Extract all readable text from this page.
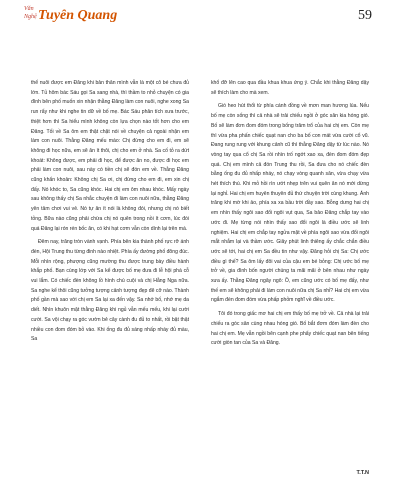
Văn
Nghệ Tuyên Quang	59

thể nuôi được em Đăng khi bản thân mình vẫn là một cô bé chưa đủ lớn. Tủ hôm bác Sáu gọi Sa sang nhà, thì thầm to nhỏ chuyện có gia đình bên phố muốn xin nhận thằng Đăng làm con nuôi, nghe xong Sa run rẩy như khi nghe tin dữ về bố mẹ. Bác Sáu phân tích xưa trước, thiệt hơn thì Sa hiểu mình không còn lựa chọn nào tốt hơn cho em Đăng. Tối về Sa ôm em thật chặt nói về chuyện cả ngoài nhận em làm con nuôi. Thằng Đăng mếu máo: Chị đừng cho em đi, em sẽ không đi học nữa, em sẽ ăn ít thôi, chị cho em ở nhà. Sa cố tỏ ra dứt khoát: Không được, em phải đi học, để được ăn no, được đi học em phải làm con nuôi, sau này có tiền chị sẽ đón em về. Thằng Đăng cũng khẩn khoản: Không chị Sa ơi, chị đừng cho em đi, em xin chị đấy. Nó khóc to, Sa cũng khóc. Hai chị em ôm nhau khóc. Mấy ngày sau không thấy chị Sa nhắc chuyện đi làm con nuôi nữa, thằng Đăng yên tâm chơi vui vẻ. Nó tự ăn ít nói là không đói, nhưng chị nó biết tỏng. Bữa nào cũng phải chừa chị nó quên trong nồi ít cơm, lúc đói quá Đăng lại rón rén bốc ăn, có khi hạt cơm vẫn còn dính lại trên má.

Đêm nay, trăng tròn vành vạnh. Phía bên kia thành phố rực rỡ ánh đèn, Hội Trung thu từng đinh nào nhiệt. Phía ấy đường phố đông đúc. Mỗi nhìn rộng, phượng cũng mường thu được trung bày điều hành khắp phố. Bạn cùng lớp với Sa kể được bố mẹ đưa đi lễ hội phá cỗ vui lắm. Có chiếc đèn không lồ hình chú cuội và chị Hằng Nga nữa. Sa nghe kể thôi cũng tưởng tượng cảnh tượng đẹp đẽ cỡ nào. Thành phố gần mà sao với chị em Sa lại xa đến vậy. Sa nhớ bố, nhớ mẹ da diết. Nhìn khuôn mặt thằng Đăng khi ngủ vẫn mếu mếu, khi lại cười cười. Sa vội chạy ra góc vườn bẻ cây cành đu đủ to nhất, rồi bật thật nhiều con đom đóm bỏ vào. Khi ống đu đủ sáng nhấp nháy đủ màu, Sa

khổ đỡ lên cao qua đầu khua khua ứng ý. Chắc khi thằng Đăng dậy sẽ thích làm cho mà xem.

Gió heo hút thổi từ phía cánh đồng về mơn man hương lúa. Nếu bố mẹ còn sống thì cả nhà sẽ trải chiếu ngồi ở góc sân kia hóng gió. Bố sẽ làm đơn đom đóm trong bống trăm trổ của hai chị em. Còn mẹ thì vừa pha phấn chiếc quạt nan cho ba bố con mát vừa cười cổ vũ. Đang rung rung với khung cảnh cũ thì thằng Đăng dậy từ lúc nào. Nó vòng tay qua cổ chị Sa rồi nhìn trố ngớt xao xa, đèn đom đóm đẹp quá. Chị em mình cả đón Trung thu rồi, Sa đưa cho nó chiếc đèn bằng ống đu đủ nhấp nháy, nó chạy vòng quanh sân, vừa chạy vừa hét thích thú. Khi mỏ hồi rìn ướt nhẹp trên vui quên ăn nó mới dừng lại nghỉ. Hai chị em huyên thuyên đủ thứ chuyện trời cùng khung. Ánh trăng khi mờ khi ảo, phía xa xa bầu trời đầy sao. Bỗng dưng hai chị em nhìn thấy ngôi sao đổi ngôi vụt qua, Sa bảo Đăng chắp tay vào ước đi. Mẹ từng nói nhìn thấy sao đổi ngôi là điều ước sẽ linh nghiệm. Hai chị em chắp tay ngửa mặt về phía ngôi sao vừa đổi ngôi mắt nhắm lại và thầm ước. Giây phút linh thiêng ấy chắc chắn điều ước sẽ tới, hai chị em Sa đều tin như vậy. Đăng hỏi chị Sa: Chị ước điều gì thế? Sa ôm lấy đôi vai của cậu em bé bỏng: Chị ước bố mẹ trở về, gia đình bốn người chúng ta mãi mãi ở bên nhau như ngày xưa ấy. Thằng Đăng ngây ngô: Ồ, em cũng ước có bố mẹ đấy, như thế em sẽ không phải đi làm con nuôi nữa chị Sa nhỉ? Hai chị em vừa ngắm đèn đom đóm vừa phấp phỏm nghĩ về điều ước.

Tôi đó trong giấc mơ hai chị em thấy bố mẹ trở về. Cả nhà lại trải chiếu ra góc sân cùng nhau hóng gió. Bố bắt đơm đóm làm đèn cho hai chị em. Mẹ vẫn ngồi bên cạnh phe phẩy chiếc quạt nan bên tiếng cười giòn tan của Sa và Đăng.

T.T.N
